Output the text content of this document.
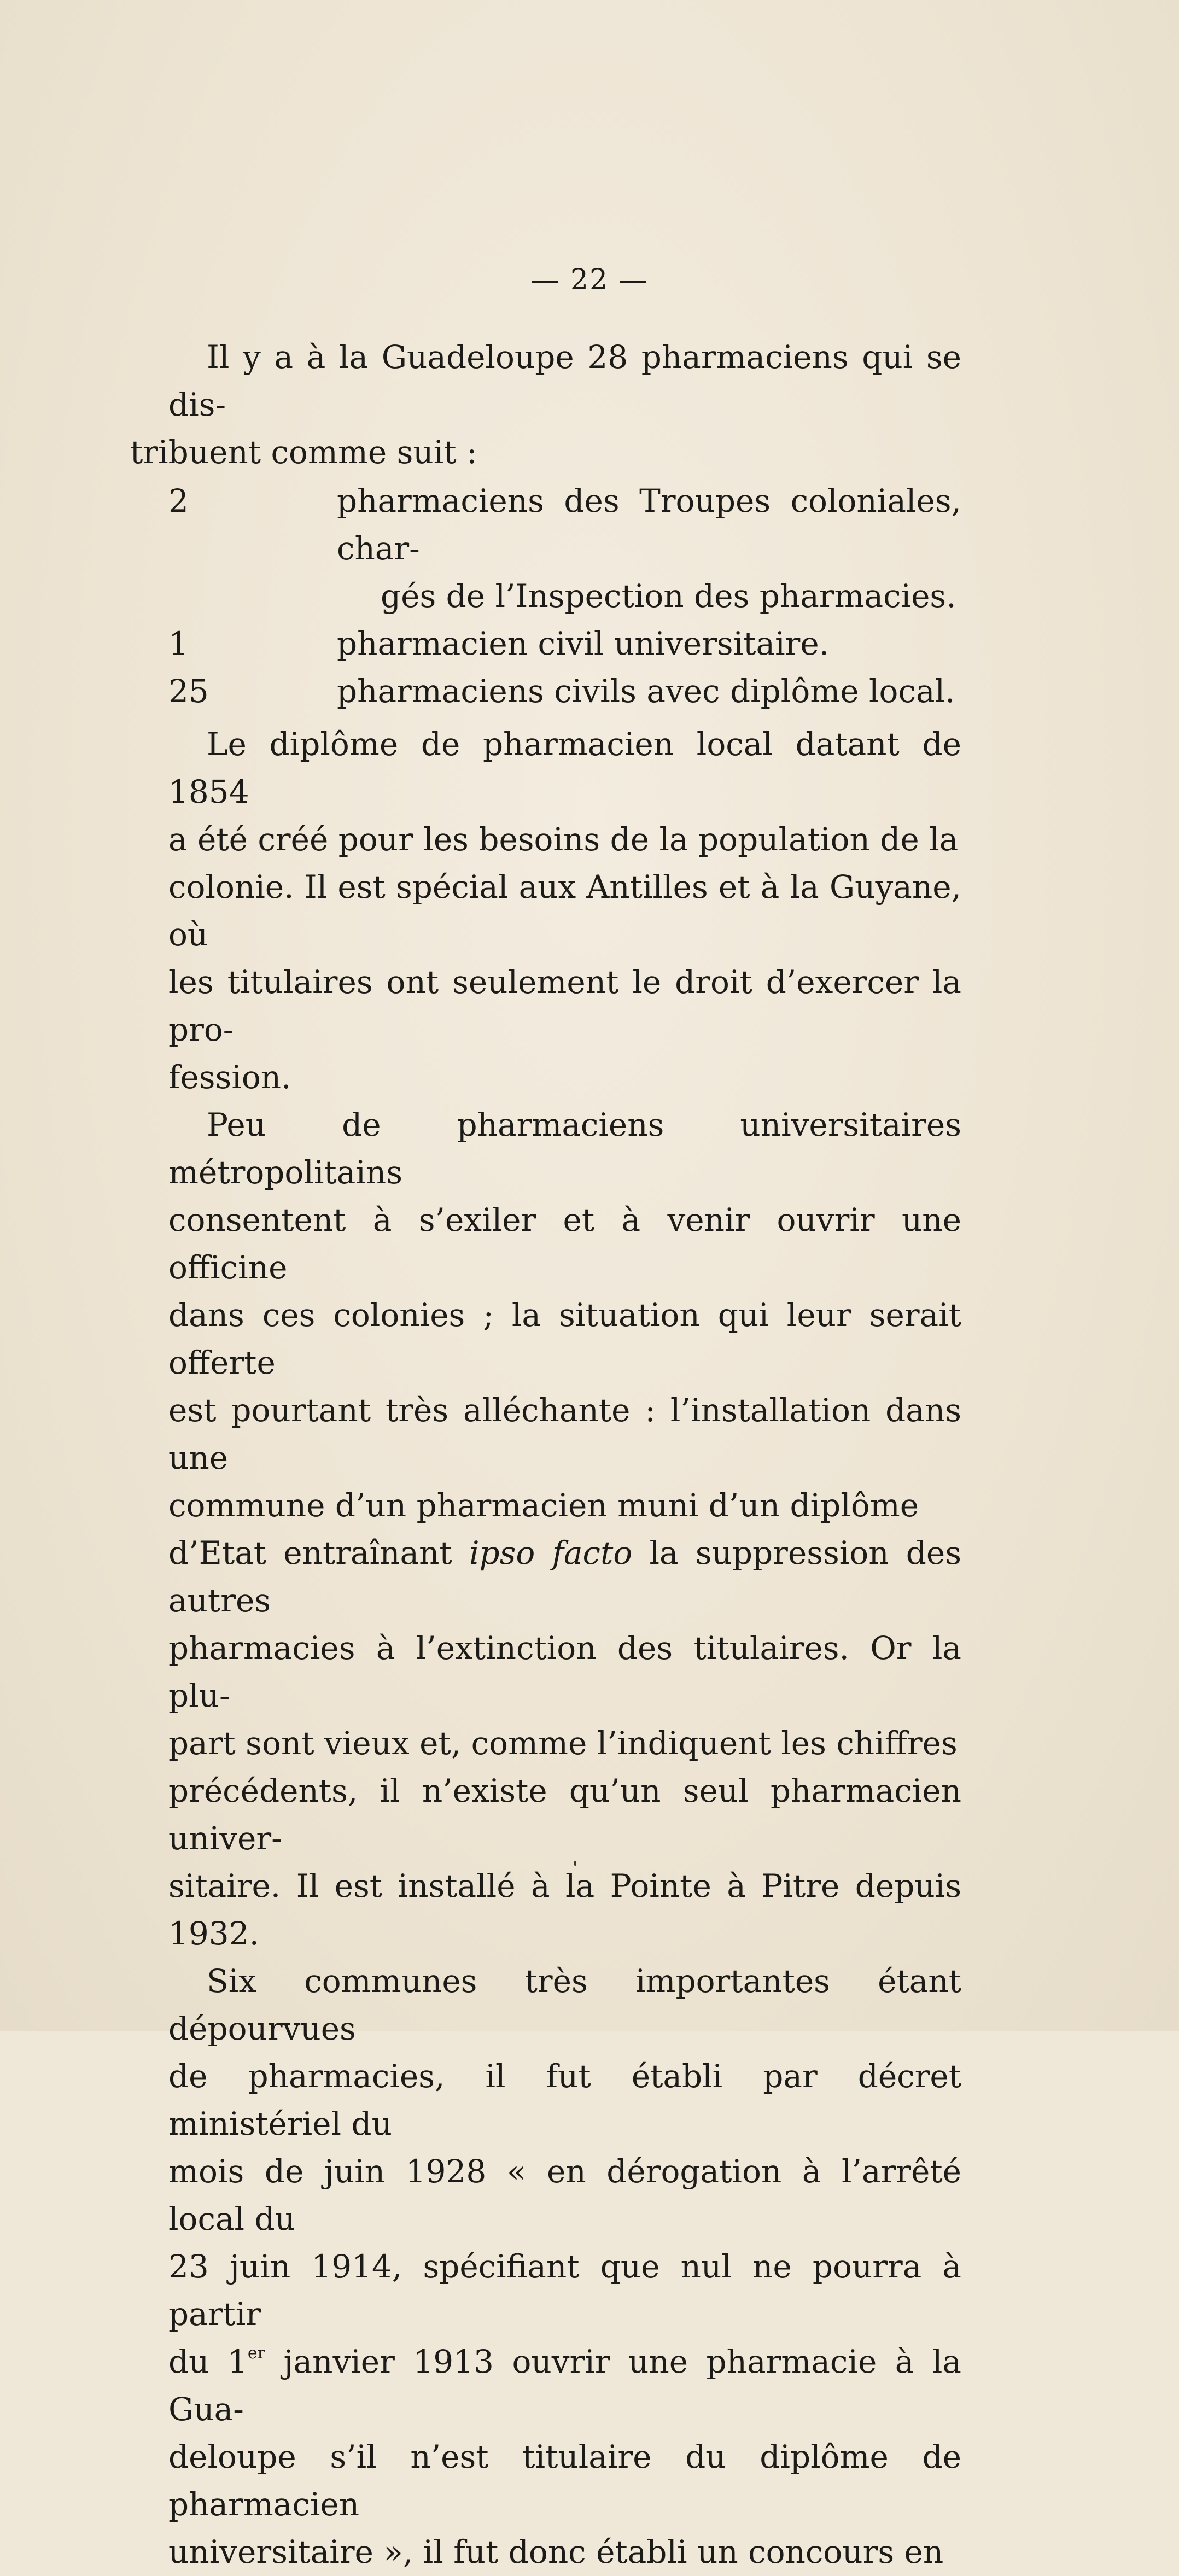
— 22 —

Il y a à la Guadeloupe 28 pharmaciens qui se dis-
tribuent comme suit :

2	pharmaciens des Troupes coloniales, char-
gés de l’Inspection des pharmacies.
1	pharmacien civil universitaire.
25	pharmaciens civils avec diplôme local.

Le diplôme de pharmacien local datant de 1854
a été créé pour les besoins de la population de la
colonie. Il est spécial aux Antilles et à la Guyane, où
les titulaires ont seulement le droit d’exercer la pro-
fession.

Peu de pharmaciens universitaires métropolitains
consentent à s’exiler et à venir ouvrir une officine
dans ces colonies ; la situation qui leur serait offerte
est pourtant très alléchante : l’installation dans une
commune d’un pharmacien muni d’un diplôme
d’Etat entraînant ipso facto la suppression des autres
pharmacies à l’extinction des titulaires. Or la plu-
part sont vieux et, comme l’indiquent les chiffres
précédents, il n’existe qu’un seul pharmacien univer-
sitaire. Il est installé à la Pointe à Pitre depuis 1932.

Six communes très importantes étant dépourvues
de pharmacies, il fut établi par décret ministériel du
mois de juin 1928 « en dérogation à l’arrêté local du
23 juin 1914, spécifiant que nul ne pourra à partir
du 1er janvier 1913 ouvrir une pharmacie à la Gua-
deloupe s’il n’est titulaire du diplôme de pharmacien
universitaire », il fut donc établi un concours en
